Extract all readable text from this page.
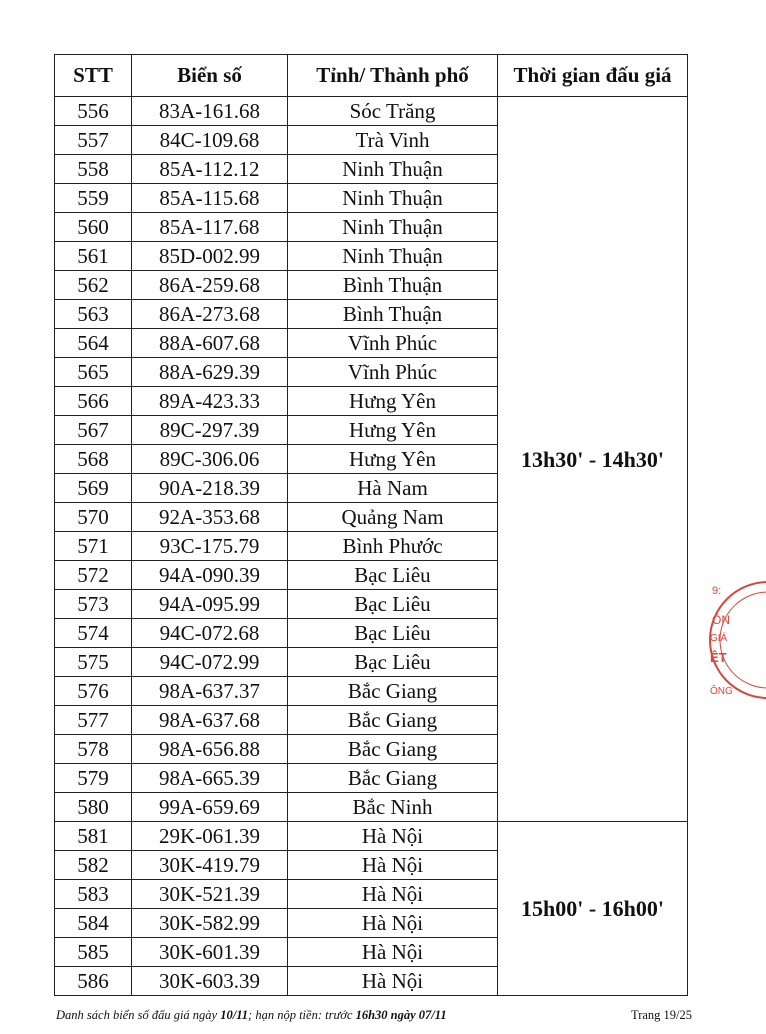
STT	Biển số	Tỉnh/ Thành phố	Thời gian đấu giá
556	83A-161.68	Sóc Trăng	13h30' - 14h30'
557	84C-109.68	Trà Vinh	
558	85A-112.12	Ninh Thuận	
559	85A-115.68	Ninh Thuận	
560	85A-117.68	Ninh Thuận	
561	85D-002.99	Ninh Thuận	
562	86A-259.68	Bình Thuận	
563	86A-273.68	Bình Thuận	
564	88A-607.68	Vĩnh Phúc	
565	88A-629.39	Vĩnh Phúc	
566	89A-423.33	Hưng Yên	
567	89C-297.39	Hưng Yên	
568	89C-306.06	Hưng Yên	
569	90A-218.39	Hà Nam	
570	92A-353.68	Quảng Nam	
571	93C-175.79	Bình Phước	
572	94A-090.39	Bạc Liêu	
573	94A-095.99	Bạc Liêu	
574	94C-072.68	Bạc Liêu	
575	94C-072.99	Bạc Liêu	
576	98A-637.37	Bắc Giang	
577	98A-637.68	Bắc Giang	
578	98A-656.88	Bắc Giang	
579	98A-665.39	Bắc Giang	
580	99A-659.69	Bắc Ninh	
581	29K-061.39	Hà Nội	15h00' - 16h00'
582	30K-419.79	Hà Nội	
583	30K-521.39	Hà Nội	
584	30K-582.99	Hà Nội	
585	30K-601.39	Hà Nội	
586	30K-603.39	Hà Nội	
Danh sách biển số đấu giá ngày 10/11; hạn nộp tiền: trước 16h30 ngày 07/11	Trang 19/25
9:
ÔN
GIÁ
ỆT
ÔNG
